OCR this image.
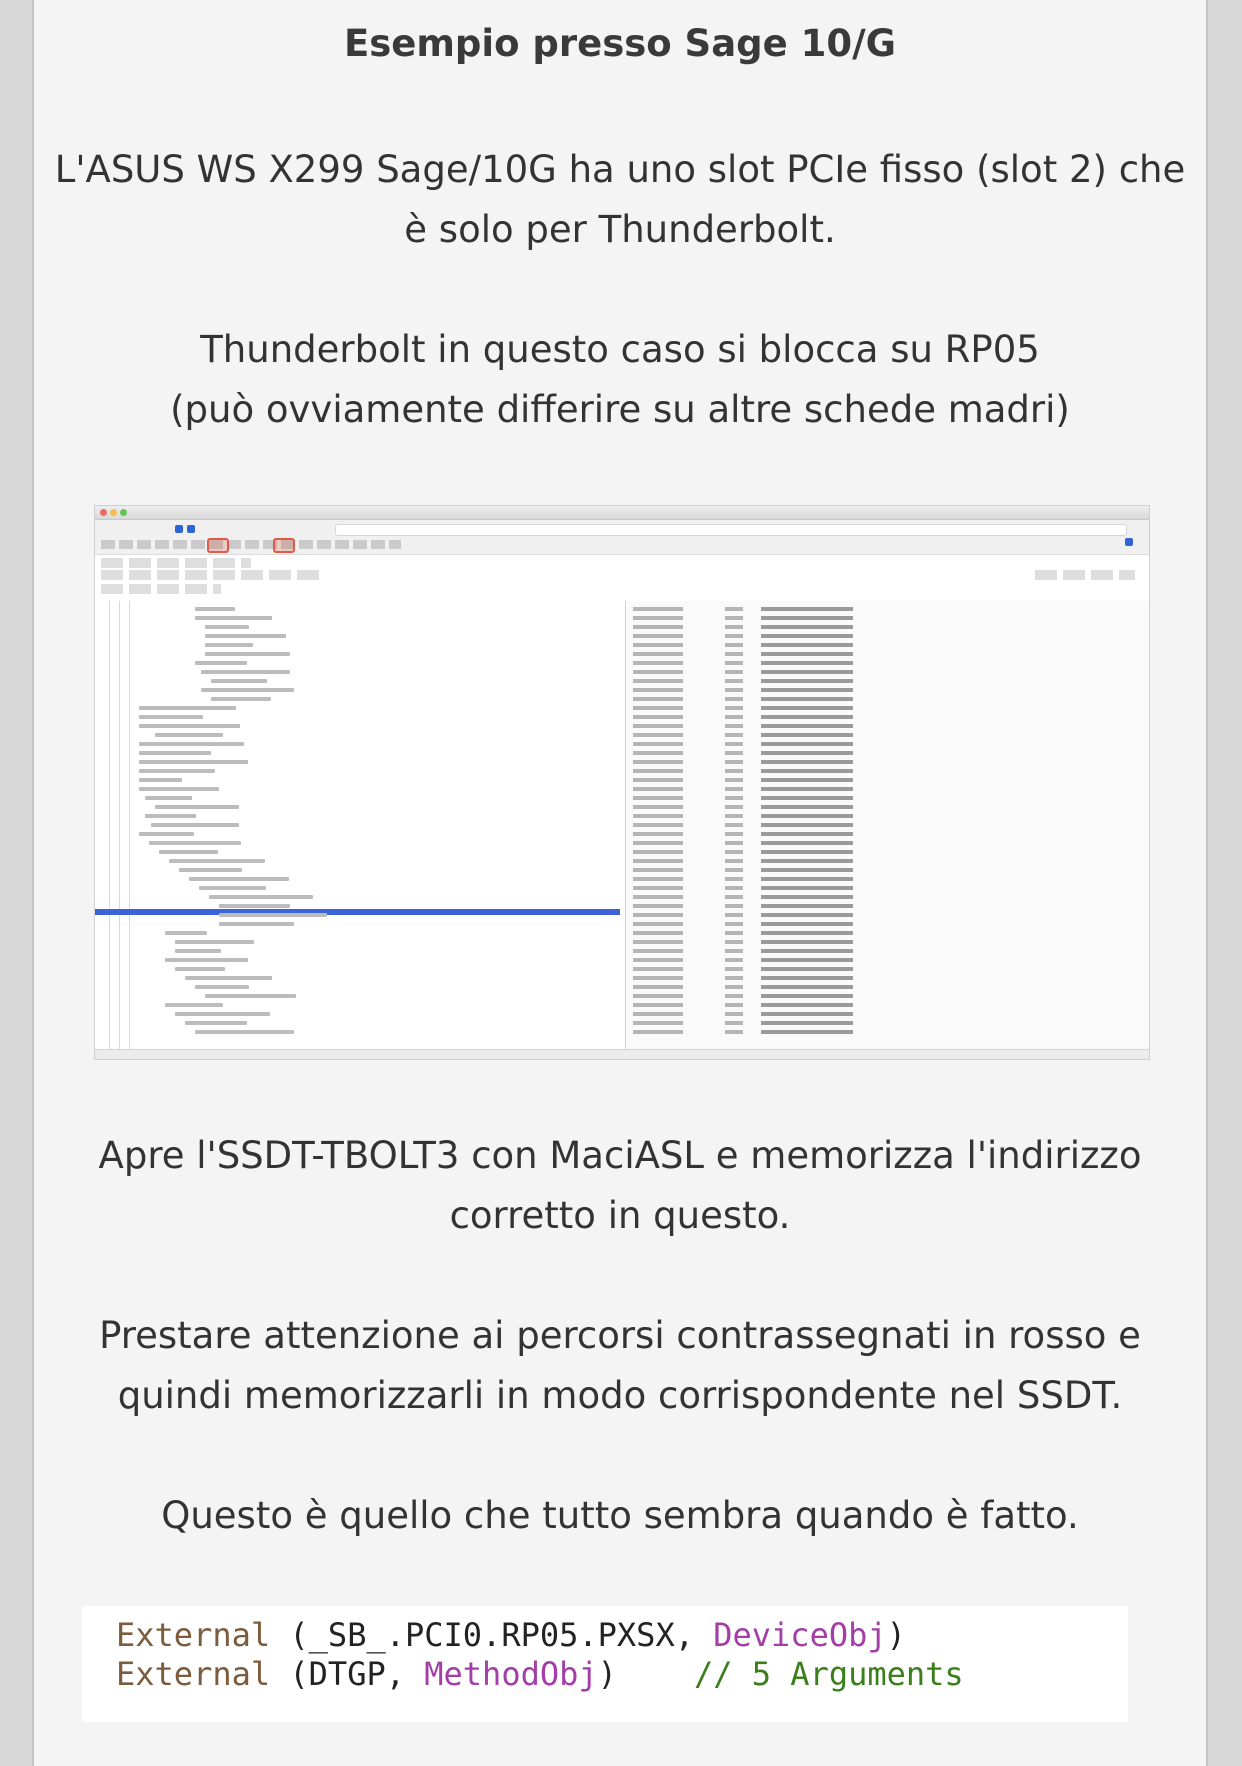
Esempio presso Sage 10/G
L'ASUS WS X299 Sage/10G ha uno slot PCIe fisso (slot 2) che
è solo per Thunderbolt.
Thunderbolt in questo caso si blocca su RP05
(può ovviamente differire su altre schede madri)
Apre l'SSDT-TBOLT3 con MaciASL e memorizza l'indirizzo
corretto in questo.
Prestare attenzione ai percorsi contrassegnati in rosso e
quindi memorizzarli in modo corrispondente nel SSDT.
Questo è quello che tutto sembra quando è fatto.
External (_SB_.PCI0.RP05.PXSX, DeviceObj)
External (DTGP, MethodObj)    // 5 Arguments
